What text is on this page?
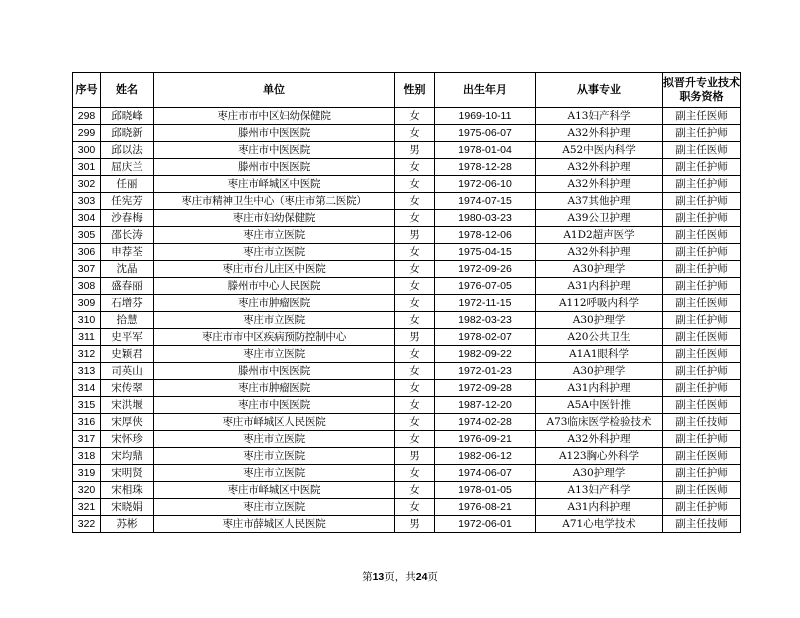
序号	姓名	单位	性别	出生年月	从事专业	拟晋升专业技术职务资格
298	邱晓峰	枣庄市市中区妇幼保健院	女	1969-10-11	A13妇产科学	副主任医师
299	邱晓新	滕州市中医医院	女	1975-06-07	A32外科护理	副主任护师
300	邱以法	枣庄市中医医院	男	1978-01-04	A52中医内科学	副主任医师
301	屈庆兰	滕州市中医医院	女	1978-12-28	A32外科护理	副主任护师
302	任丽	枣庄市峄城区中医院	女	1972-06-10	A32外科护理	副主任护师
303	任宪芳	枣庄市精神卫生中心（枣庄市第二医院）	女	1974-07-15	A37其他护理	副主任护师
304	沙春梅	枣庄市妇幼保健院	女	1980-03-23	A39公卫护理	副主任护师
305	邵长涛	枣庄市立医院	男	1978-12-06	A1D2超声医学	副主任医师
306	申荐荃	枣庄市立医院	女	1975-04-15	A32外科护理	副主任护师
307	沈晶	枣庄市台儿庄区中医院	女	1972-09-26	A30护理学	副主任护师
308	盛春丽	滕州市中心人民医院	女	1976-07-05	A31内科护理	副主任护师
309	石增芬	枣庄市肿瘤医院	女	1972-11-15	A112呼吸内科学	副主任医师
310	拾慧	枣庄市立医院	女	1982-03-23	A30护理学	副主任护师
311	史平军	枣庄市市中区疾病预防控制中心	男	1978-02-07	A20公共卫生	副主任医师
312	史颖君	枣庄市立医院	女	1982-09-22	A1A1眼科学	副主任医师
313	司英山	滕州市中医医院	女	1972-01-23	A30护理学	副主任护师
314	宋传翠	枣庄市肿瘤医院	女	1972-09-28	A31内科护理	副主任护师
315	宋洪堰	枣庄市中医医院	女	1987-12-20	A5A中医针推	副主任医师
316	宋厚侠	枣庄市峄城区人民医院	女	1974-02-28	A73临床医学检验技术	副主任技师
317	宋怀珍	枣庄市立医院	女	1976-09-21	A32外科护理	副主任护师
318	宋均鼎	枣庄市立医院	男	1982-06-12	A123胸心外科学	副主任医师
319	宋明贤	枣庄市立医院	女	1974-06-07	A30护理学	副主任护师
320	宋相珠	枣庄市峄城区中医院	女	1978-01-05	A13妇产科学	副主任医师
321	宋晓娟	枣庄市立医院	女	1976-08-21	A31内科护理	副主任护师
322	苏彬	枣庄市薛城区人民医院	男	1972-06-01	A71心电学技术	副主任技师
第13页，共24页
